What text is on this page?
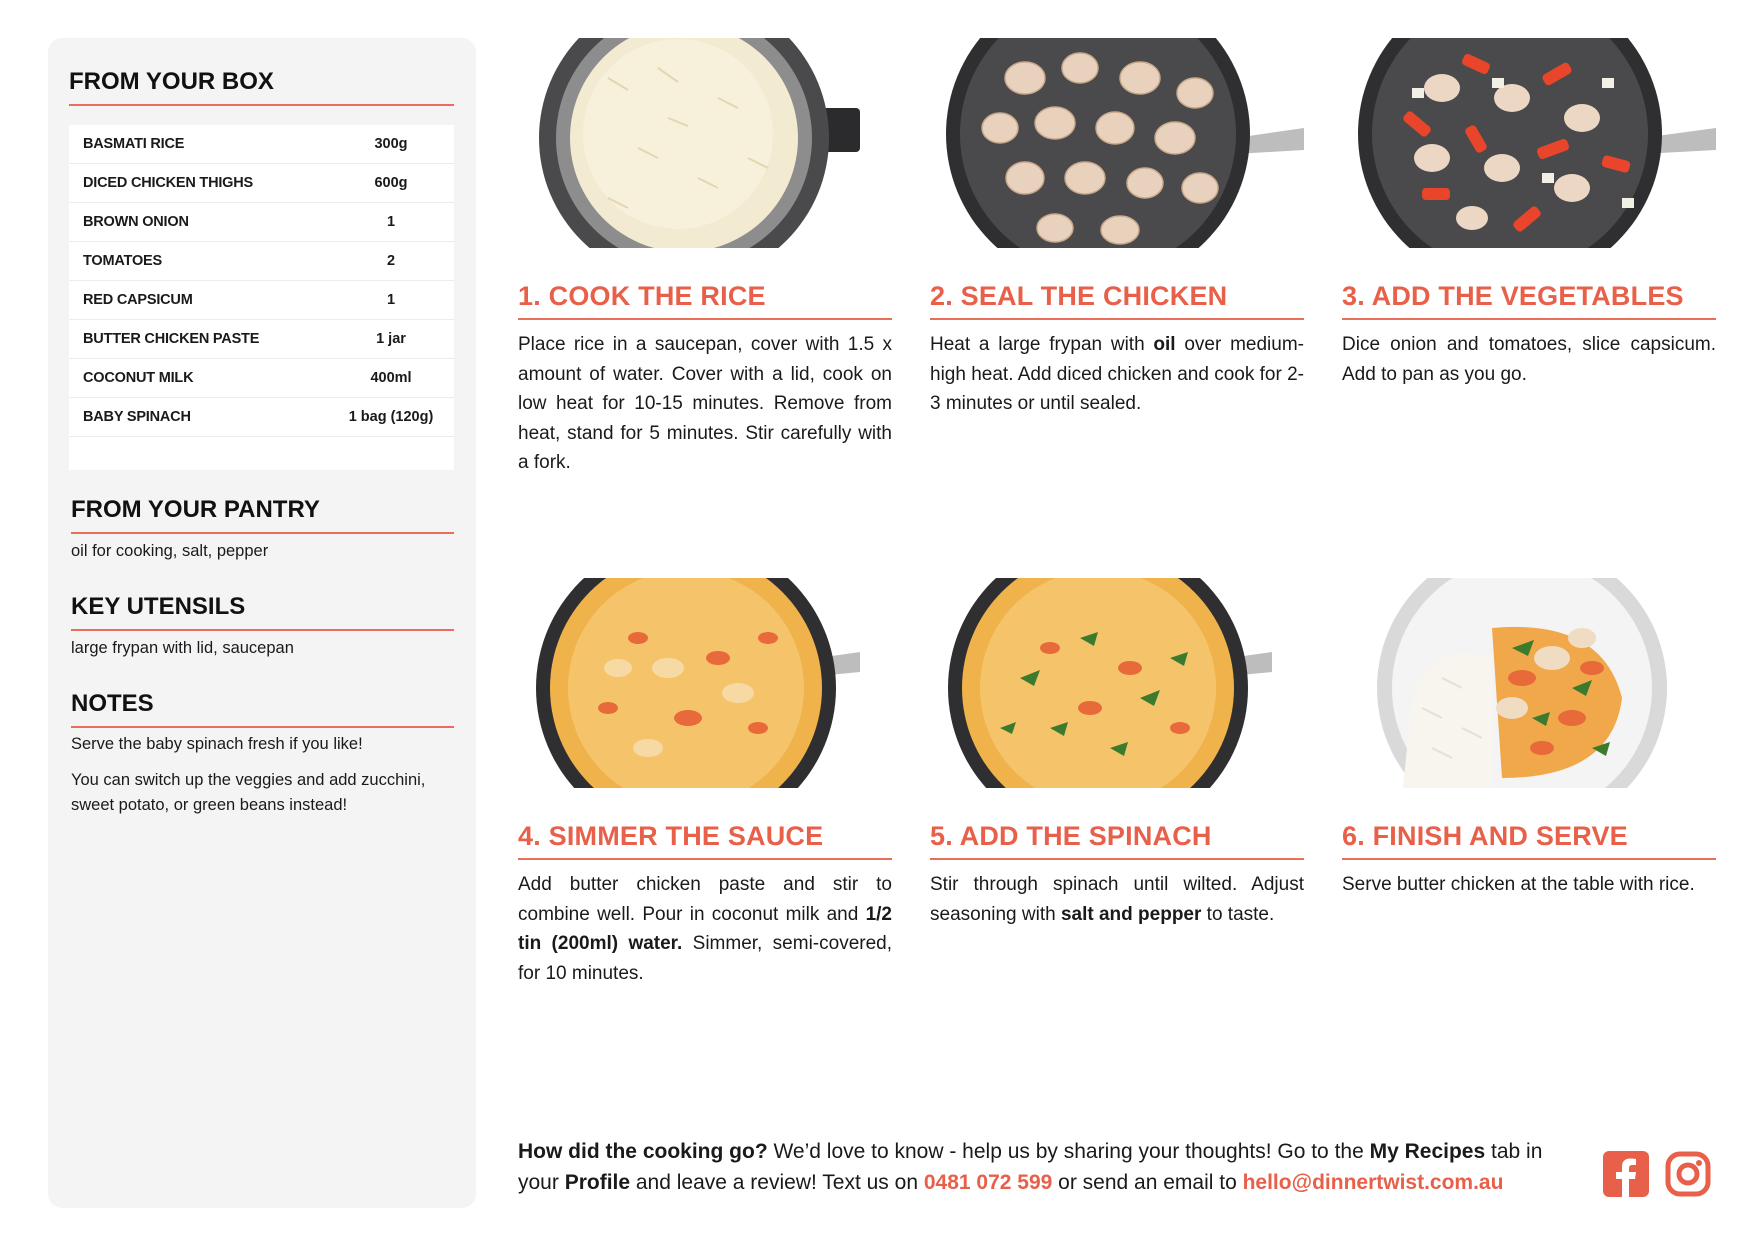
FROM YOUR BOX
BASMATI RICE	300g
DICED CHICKEN THIGHS	600g
BROWN ONION	1
TOMATOES	2
RED CAPSICUM	1
BUTTER CHICKEN PASTE	1 jar
COCONUT MILK	400ml
BABY SPINACH	1 bag (120g)
FROM YOUR PANTRY

oil for cooking, salt, pepper

KEY UTENSILS

large frypan with lid, saucepan

NOTES

Serve the baby spinach fresh if you like!

You can switch up the veggies and add zucchini, sweet potato, or green beans instead!

1. COOK THE RICE

Place rice in a saucepan, cover with 1.5 x amount of water. Cover with a lid, cook on low heat for 10-15 minutes. Remove from heat, stand for 5 minutes. Stir carefully with a fork.

2. SEAL THE CHICKEN

Heat a large frypan with oil over medium-high heat. Add diced chicken and cook for 2-3 minutes or until sealed.

3. ADD THE VEGETABLES

Dice onion and tomatoes, slice capsicum. Add to pan as you go.

4. SIMMER THE SAUCE

Add butter chicken paste and stir to combine well. Pour in coconut milk and 1/2 tin (200ml) water. Simmer, semi-covered, for 10 minutes.

5. ADD THE SPINACH

Stir through spinach until wilted. Adjust seasoning with salt and pepper to taste.

6. FINISH AND SERVE

Serve butter chicken at the table with rice.

How did the cooking go? We’d love to know - help us by sharing your thoughts! Go to the My Recipes tab in your Profile and leave a review! Text us on 0481 072 599 or send an email to hello@dinnertwist.com.au
